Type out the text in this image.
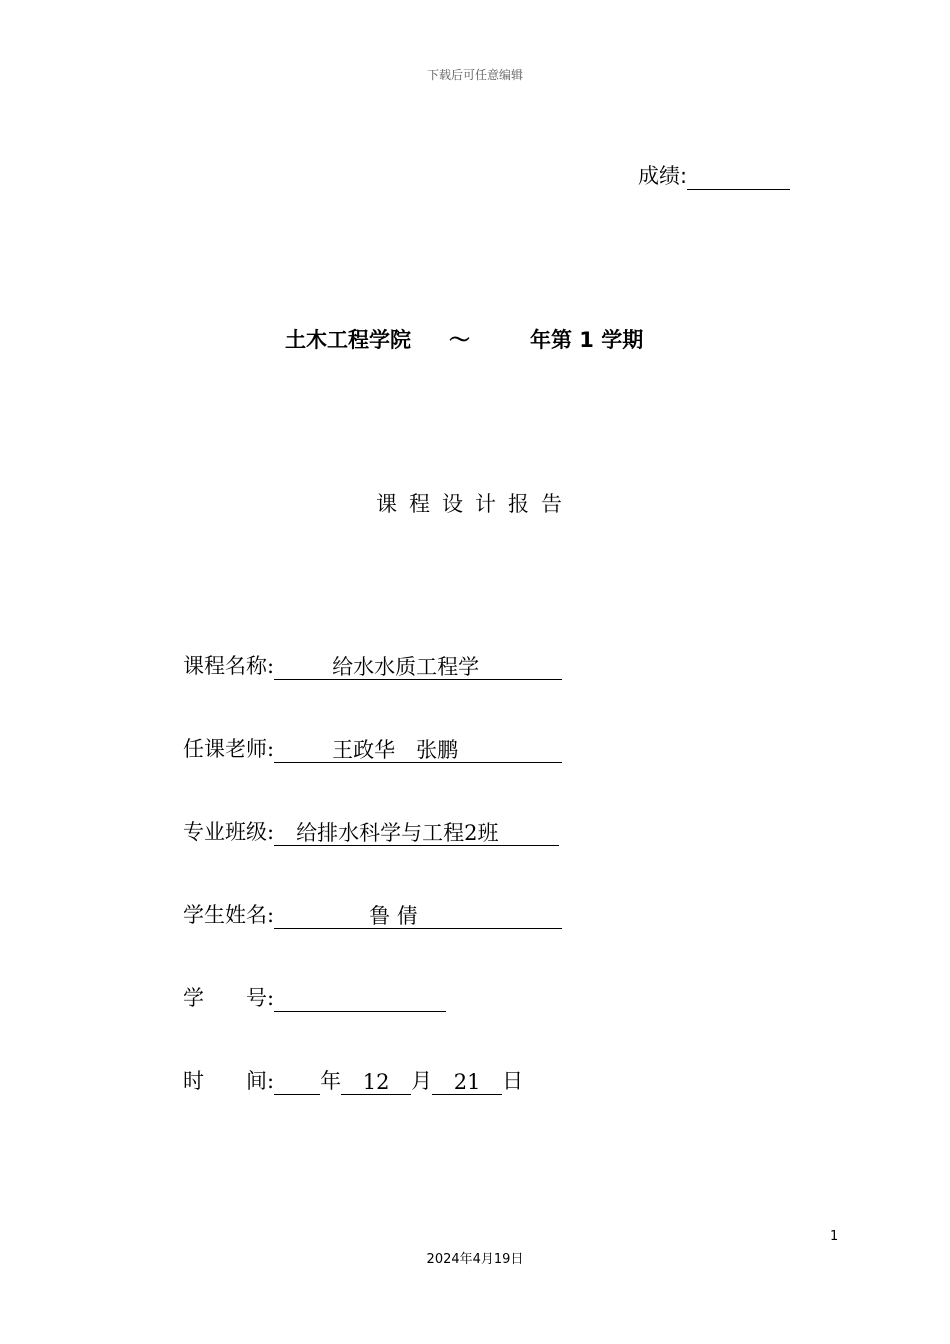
下载后可任意编辑
成绩:
土木工程学院 ～	年第 1 学期
课程设计报告
课程名称:	给水水质工程学
任课老师:	王政华　张鹏
专业班级: 给排水科学与工程2班
学生姓名:	鲁 倩
学　　号:
时　　间: 年 12 月 21 日
1
2024年4月19日
